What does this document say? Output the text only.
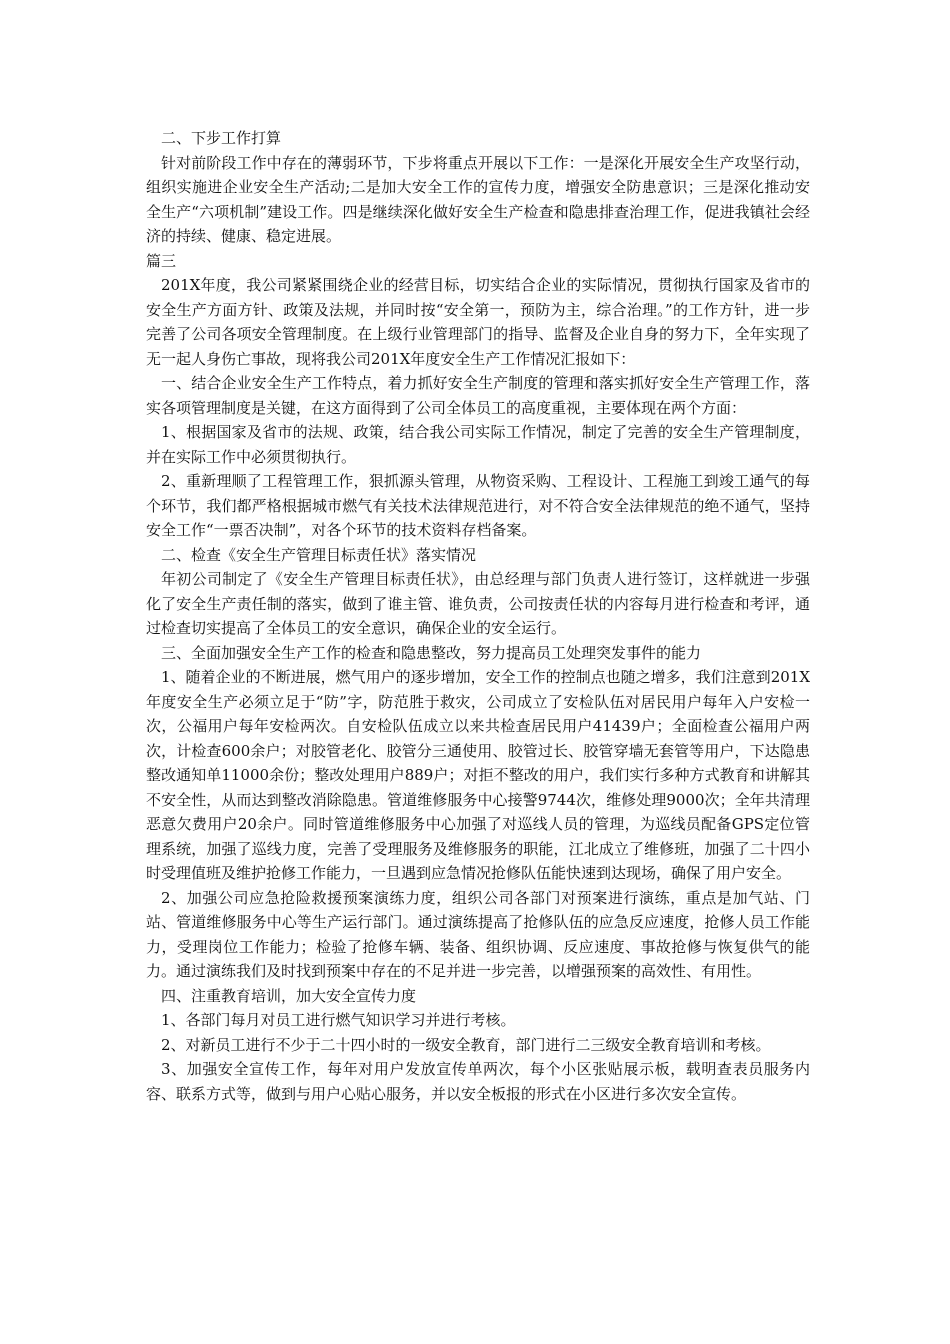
二、下步工作打算

针对前阶段工作中存在的薄弱环节，下步将重点开展以下工作：一是深化开展安全生产攻坚行动，组织实施进企业安全生产活动;二是加大安全工作的宣传力度，增强安全防患意识；三是深化推动安全生产“六项机制”建设工作。四是继续深化做好安全生产检查和隐患排查治理工作，促进我镇社会经济的持续、健康、稳定进展。

篇三

201X年度，我公司紧紧围绕企业的经营目标，切实结合企业的实际情况，贯彻执行国家及省市的安全生产方面方针、政策及法规，并同时按“安全第一，预防为主，综合治理。”的工作方针，进一步完善了公司各项安全管理制度。在上级行业管理部门的指导、监督及企业自身的努力下，全年实现了无一起人身伤亡事故，现将我公司201X年度安全生产工作情况汇报如下：

一、结合企业安全生产工作特点，着力抓好安全生产制度的管理和落实抓好安全生产管理工作，落实各项管理制度是关键，在这方面得到了公司全体员工的高度重视，主要体现在两个方面：

1、根据国家及省市的法规、政策，结合我公司实际工作情况，制定了完善的安全生产管理制度，并在实际工作中必须贯彻执行。

2、重新理顺了工程管理工作，狠抓源头管理，从物资采购、工程设计、工程施工到竣工通气的每个环节，我们都严格根据城市燃气有关技术法律规范进行，对不符合安全法律规范的绝不通气，坚持安全工作“一票否决制”，对各个环节的技术资料存档备案。

二、检查《安全生产管理目标责任状》落实情况

年初公司制定了《安全生产管理目标责任状》，由总经理与部门负责人进行签订，这样就进一步强化了安全生产责任制的落实，做到了谁主管、谁负责，公司按责任状的内容每月进行检查和考评，通过检查切实提高了全体员工的安全意识，确保企业的安全运行。

三、全面加强安全生产工作的检查和隐患整改，努力提高员工处理突发事件的能力

1、随着企业的不断进展，燃气用户的逐步增加，安全工作的控制点也随之增多，我们注意到201X年度安全生产必须立足于“防”字，防范胜于救灾，公司成立了安检队伍对居民用户每年入户安检一次，公福用户每年安检两次。自安检队伍成立以来共检查居民用户41439户；全面检查公福用户两次，计检查600余户；对胶管老化、胶管分三通使用、胶管过长、胶管穿墙无套管等用户，下达隐患整改通知单11000余份；整改处理用户889户；对拒不整改的用户，我们实行多种方式教育和讲解其不安全性，从而达到整改消除隐患。管道维修服务中心接警9744次，维修处理9000次；全年共清理恶意欠费用户20余户。同时管道维修服务中心加强了对巡线人员的管理，为巡线员配备GPS定位管理系统，加强了巡线力度，完善了受理服务及维修服务的职能，江北成立了维修班，加强了二十四小时受理值班及维护抢修工作能力，一旦遇到应急情况抢修队伍能快速到达现场，确保了用户安全。

2、加强公司应急抢险救援预案演练力度，组织公司各部门对预案进行演练，重点是加气站、门站、管道维修服务中心等生产运行部门。通过演练提高了抢修队伍的应急反应速度，抢修人员工作能力，受理岗位工作能力；检验了抢修车辆、装备、组织协调、反应速度、事故抢修与恢复供气的能力。通过演练我们及时找到预案中存在的不足并进一步完善，以增强预案的高效性、有用性。

四、注重教育培训，加大安全宣传力度

1、各部门每月对员工进行燃气知识学习并进行考核。

2、对新员工进行不少于二十四小时的一级安全教育，部门进行二三级安全教育培训和考核。

3、加强安全宣传工作，每年对用户发放宣传单两次，每个小区张贴展示板，载明查表员服务内容、联系方式等，做到与用户心贴心服务，并以安全板报的形式在小区进行多次安全宣传。
